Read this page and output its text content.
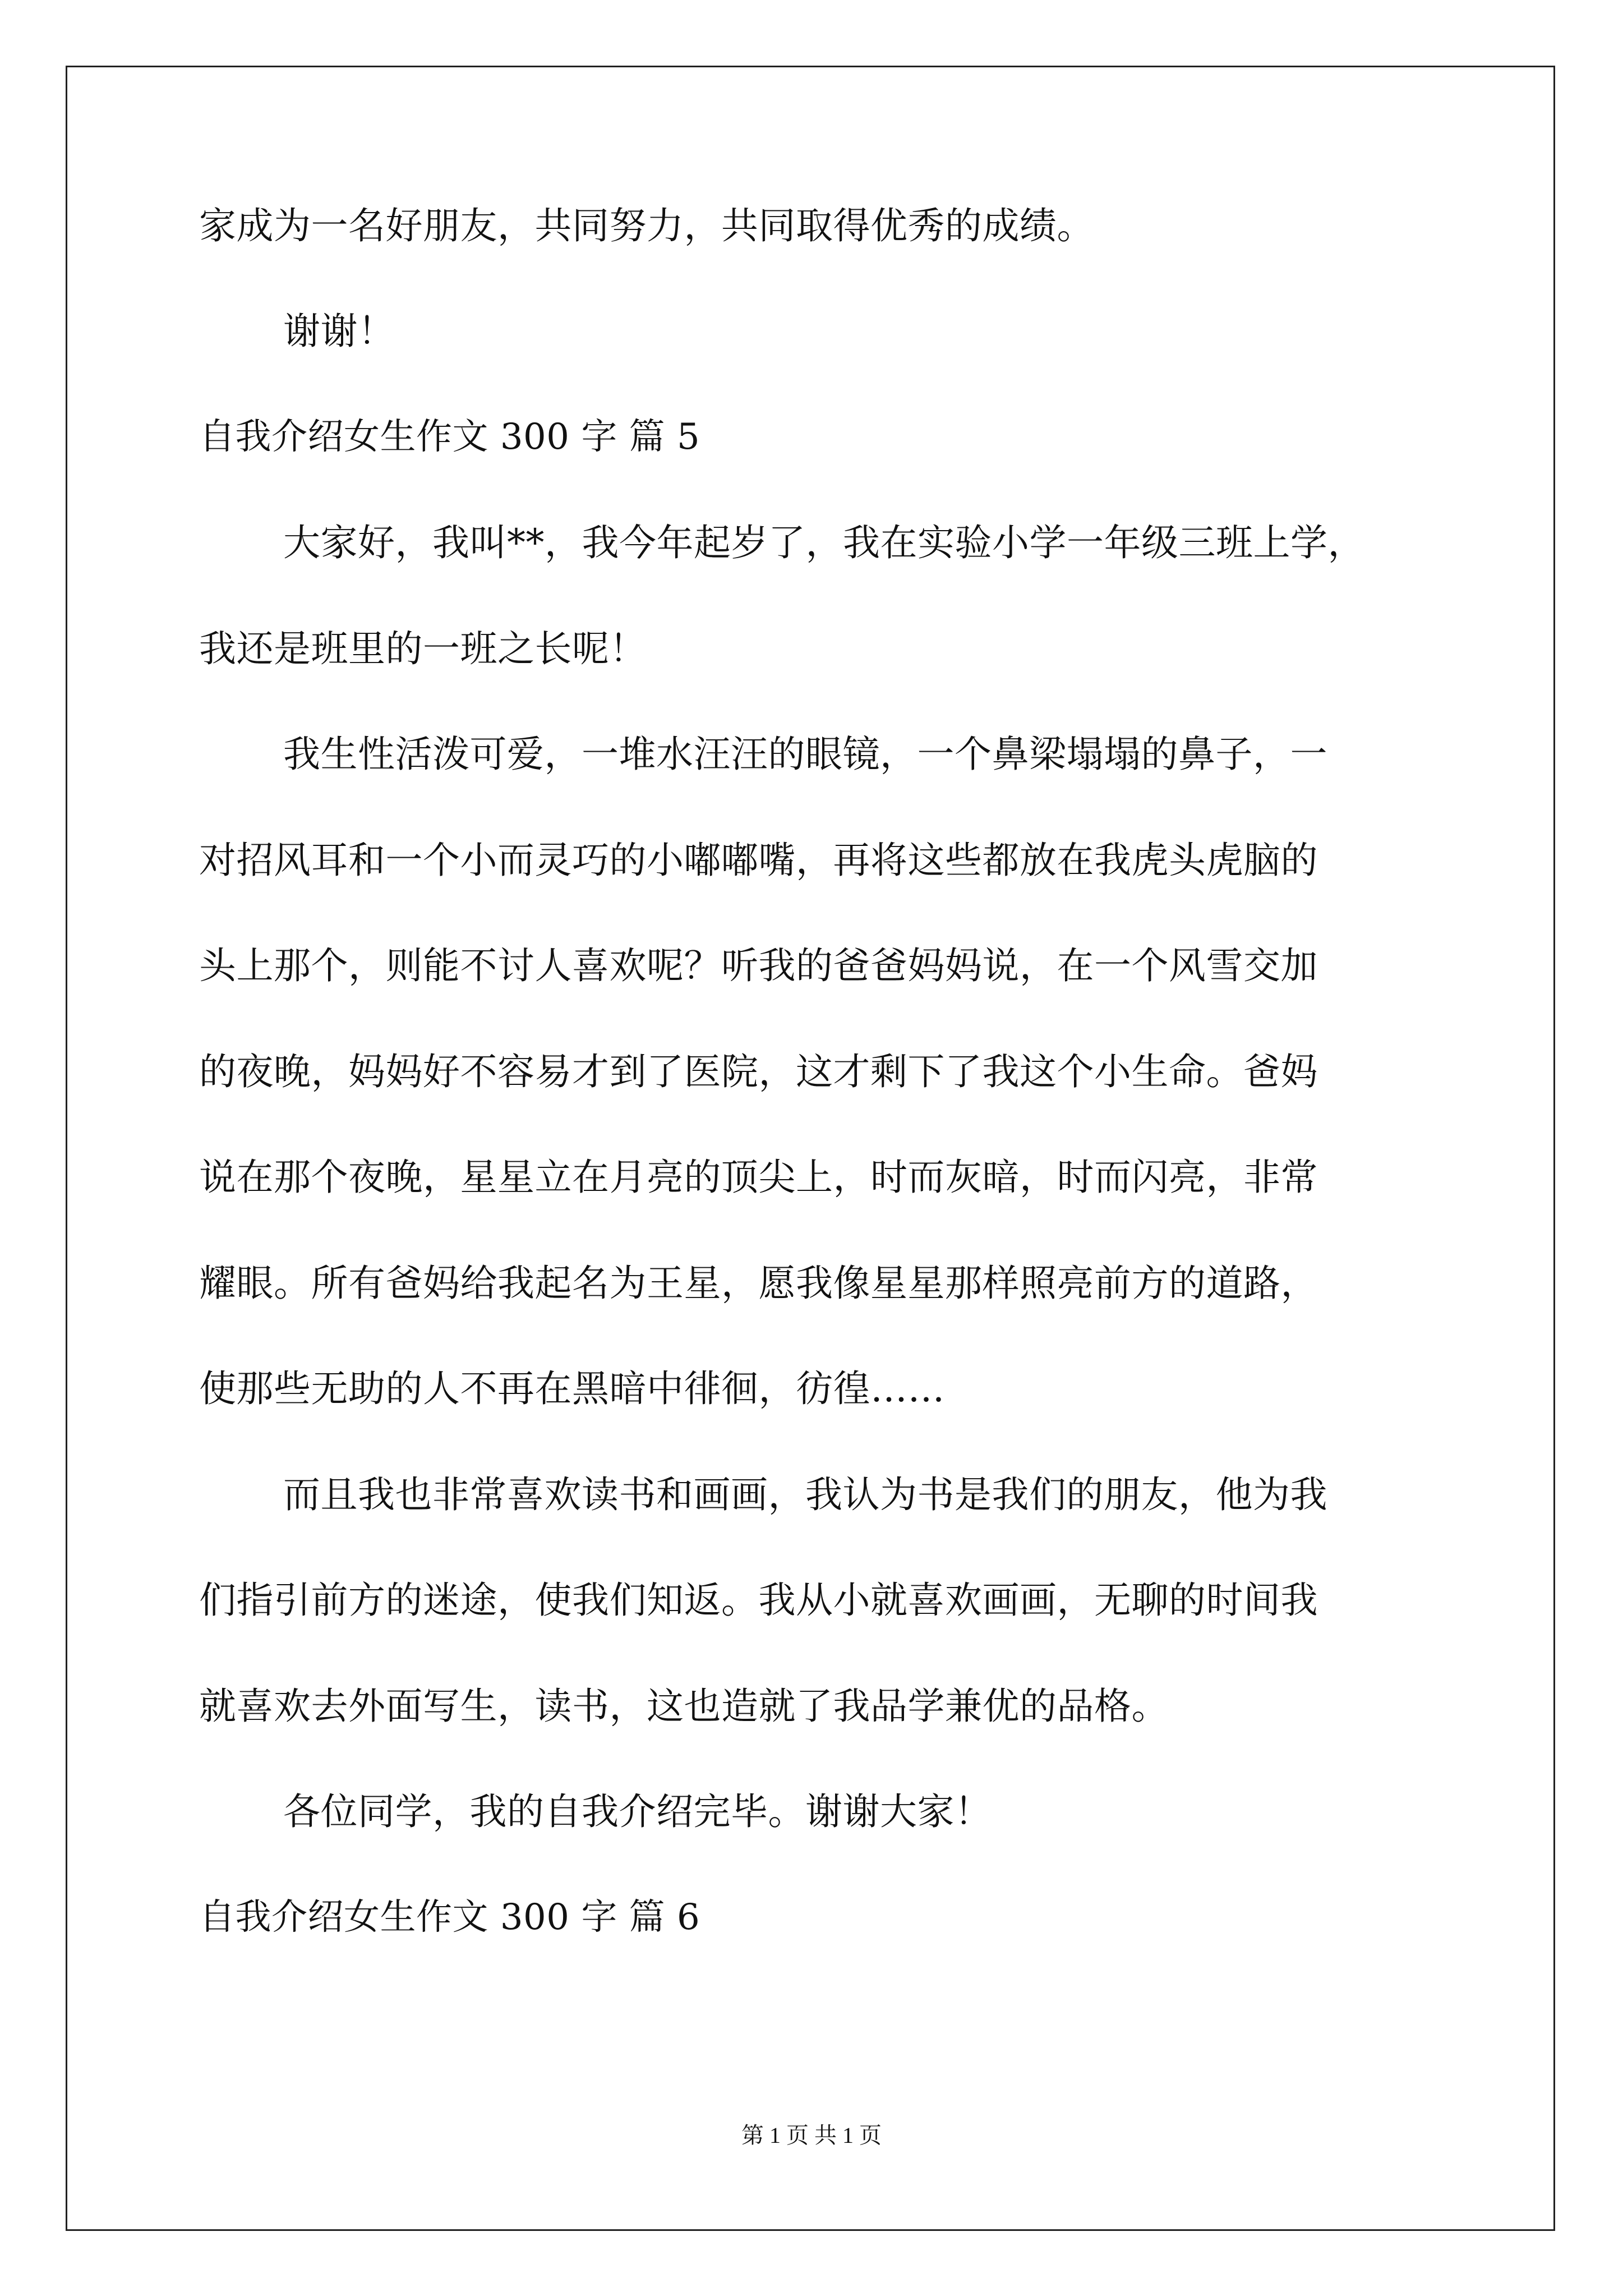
家成为一名好朋友，共同努力，共同取得优秀的成绩。
谢谢！
自我介绍女生作文 300 字 篇 5
大家好，我叫**，我今年起岁了，我在实验小学一年级三班上学，
我还是班里的一班之长呢！
我生性活泼可爱，一堆水汪汪的眼镜，一个鼻梁塌塌的鼻子，一
对招风耳和一个小而灵巧的小嘟嘟嘴，再将这些都放在我虎头虎脑的
头上那个，则能不讨人喜欢呢？听我的爸爸妈妈说，在一个风雪交加
的夜晚，妈妈好不容易才到了医院，这才剩下了我这个小生命。爸妈
说在那个夜晚，星星立在月亮的顶尖上，时而灰暗，时而闪亮，非常
耀眼。所有爸妈给我起名为王星，愿我像星星那样照亮前方的道路，
使那些无助的人不再在黑暗中徘徊，彷徨……
而且我也非常喜欢读书和画画，我认为书是我们的朋友，他为我
们指引前方的迷途，使我们知返。我从小就喜欢画画，无聊的时间我
就喜欢去外面写生，读书，这也造就了我品学兼优的品格。
各位同学，我的自我介绍完毕。谢谢大家！
自我介绍女生作文 300 字 篇 6
第 1 页 共 1 页
